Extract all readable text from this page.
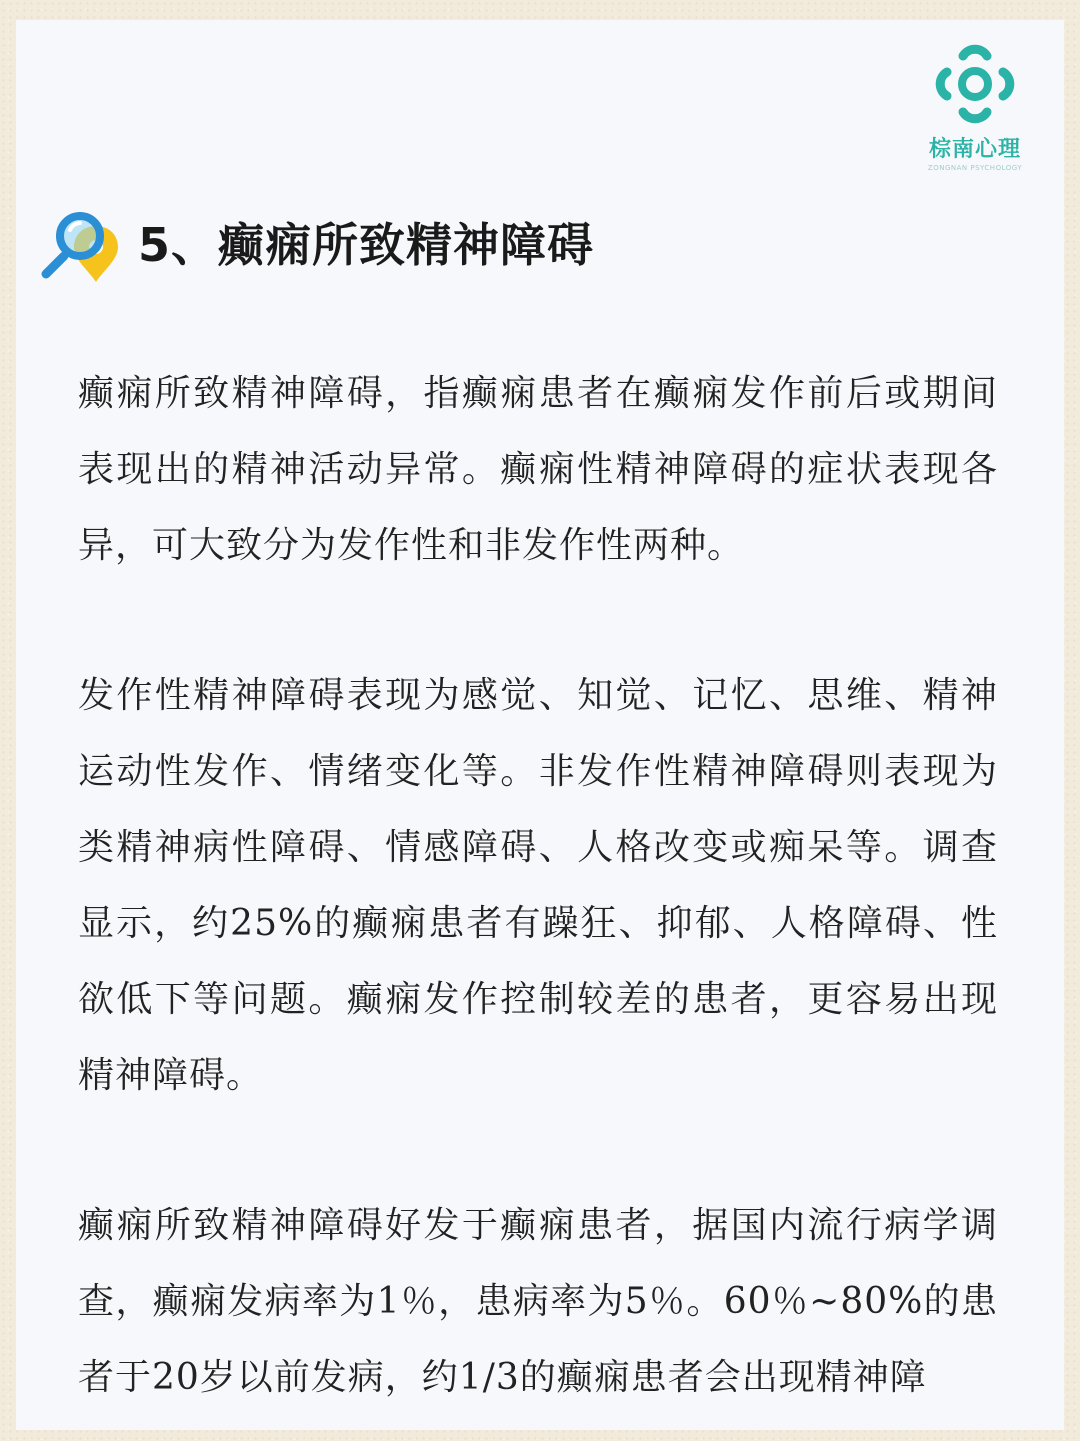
棕南心理
ZONGNAN PSYCHOLOGY
5、癫痫所致精神障碍

癫痫所致精神障碍，指癫痫患者在癫痫发作前后或期间表现出的精神活动异常。癫痫性精神障碍的症状表现各异，可大致分为发作性和非发作性两种。

发作性精神障碍表现为感觉、知觉、记忆、思维、精神运动性发作、情绪变化等。非发作性精神障碍则表现为类精神病性障碍、情感障碍、人格改变或痴呆等。调查显示，约25%的癫痫患者有躁狂、抑郁、人格障碍、性欲低下等问题。癫痫发作控制较差的患者，更容易出现精神障碍。

癫痫所致精神障碍好发于癫痫患者，据国内流行病学调查，癫痫发病率为1％，患病率为5％。60％~80%的患者于20岁以前发病，约1/3的癫痫患者会出现精神障
